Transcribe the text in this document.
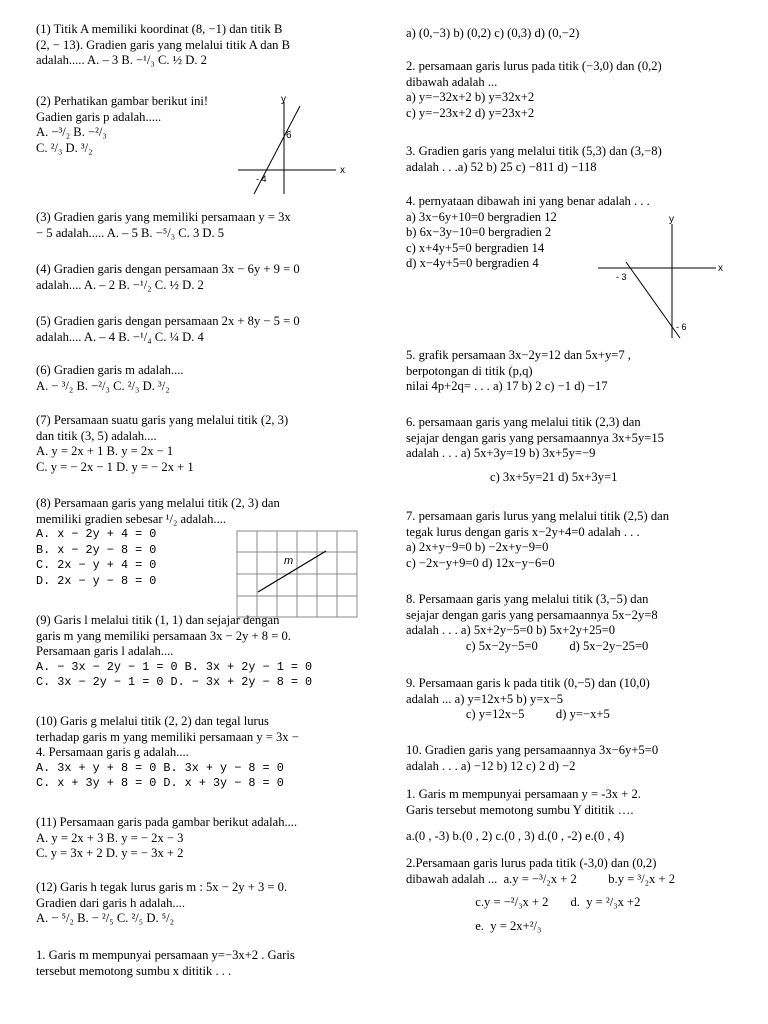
(1) Titik A memiliki koordinat (8, −1) dan titik B
(2, − 13). Gradien garis yang melalui titik A dan B
adalah..... A. – 3 B. −¹/₃ C. ½ D. 2
(2) Perhatikan gambar berikut ini!
Gadien garis p adalah.....
A. −³/₂ B. −²/₃
C. ²/₃ D. ³/₂
y
x
6
- 4
(3) Gradien garis yang memiliki persamaan y = 3x
− 5 adalah..... A. – 5 B. −⁵/₃ C. 3 D. 5
(4) Gradien garis dengan persamaan 3x − 6y + 9 = 0
adalah.... A. – 2 B. −¹/₂ C. ½ D. 2
(5) Gradien garis dengan persamaan 2x + 8y − 5 = 0
adalah.... A. – 4 B. −¹/₄ C. ¼ D. 4
(6) Gradien garis m adalah....
A. − ³/₂ B. −²/₃ C. ²/₃ D. ³/₂
(7) Persamaan suatu garis yang melalui titik (2, 3)
dan titik (3, 5) adalah....
A. y = 2x + 1 B. y = 2x − 1
C. y = − 2x − 1 D. y = − 2x + 1
(8) Persamaan garis yang melalui titik (2, 3) dan
memiliki gradien sebesar ¹/₂ adalah....
A. x − 2y + 4 = 0
B. x − 2y − 8 = 0
C. 2x − y + 4 = 0
D. 2x − y − 8 = 0
m
(9) Garis l melalui titik (1, 1) dan sejajar dengan
garis m yang memiliki persamaan 3x − 2y + 8 = 0.
Persamaan garis l adalah....
A. − 3x − 2y − 1 = 0 B. 3x + 2y − 1 = 0
C. 3x − 2y − 1 = 0 D. − 3x + 2y − 8 = 0
(10) Garis g melalui titik (2, 2) dan tegal lurus
terhadap garis m yang memiliki persamaan y = 3x −
4. Persamaan garis g adalah....
A. 3x + y + 8 = 0 B. 3x + y − 8 = 0
C. x + 3y + 8 = 0 D. x + 3y − 8 = 0
(11) Persamaan garis pada gambar berikut adalah....
A. y = 2x + 3 B. y = − 2x − 3
C. y = 3x + 2 D. y = − 3x + 2
(12) Garis h tegak lurus garis m : 5x − 2y + 3 = 0.
Gradien dari garis h adalah....
A. − ⁵/₂ B. − ²/₅ C. ²/₅ D. ⁵/₂
1. Garis m mempunyai persamaan y=−3x+2 . Garis
tersebut memotong sumbu x dititik . . .
a) (0,−3) b) (0,2) c) (0,3) d) (0,−2)
2. persamaan garis lurus pada titik (−3,0) dan (0,2)
dibawah adalah ...
a) y=−32x+2 b) y=32x+2
c) y=−23x+2 d) y=23x+2
3. Gradien garis yang melalui titik (5,3) dan (3,−8)
adalah . . .a) 52 b) 25 c) −811 d) −118
4. pernyataan dibawah ini yang benar adalah . . .
a) 3x−6y+10=0 bergradien 12
b) 6x−3y−10=0 bergradien 2
c) x+4y+5=0 bergradien 14
d) x−4y+5=0 bergradien 4
y
x
- 3
- 6
5. grafik persamaan 3x−2y=12 dan 5x+y=7 ,
berpotongan di titik (p,q)
nilai 4p+2q= . . . a) 17 b) 2 c) −1 d) −17
6. persamaan garis yang melalui titik (2,3) dan
sejajar dengan garis yang persamaannya 3x+5y=15
adalah . . . a) 5x+3y=19 b) 3x+5y=−9
c) 3x+5y=21 d) 5x+3y=1
7. persamaan garis lurus yang melalui titik (2,5) dan
tegak lurus dengan garis x−2y+4=0 adalah . . .
a) 2x+y−9=0 b) −2x+y−9=0
c) −2x−y+9=0 d) 12x−y−6=0
8. Persamaan garis yang melalui titik (3,−5) dan
sejajar dengan garis yang persamaannya 5x−2y=8
adalah . . . a) 5x+2y−5=0 b) 5x+2y+25=0
c) 5x−2y−5=0          d) 5x−2y−25=0
9. Persamaan garis k pada titik (0,−5) dan (10,0)
adalah ... a) y=12x+5 b) y=x−5
c) y=12x−5          d) y=−x+5
10. Gradien garis yang persamaannya 3x−6y+5=0
adalah . . . a) −12 b) 12 c) 2 d) −2
1. Garis m mempunyai persamaan y = -3x + 2.
Garis tersebut memotong sumbu Y dititik ….
a.(0 , -3) b.(0 , 2) c.(0 , 3) d.(0 , -2) e.(0 , 4)
2.Persamaan garis lurus pada titik (-3,0) dan (0,2)
dibawah adalah ...  a.y = −³/₂x + 2          b.y = ³/₂x + 2
c.y = −²/₃x + 2       d.  y = ²/₃x +2
e.  y = 2x+²/₃
